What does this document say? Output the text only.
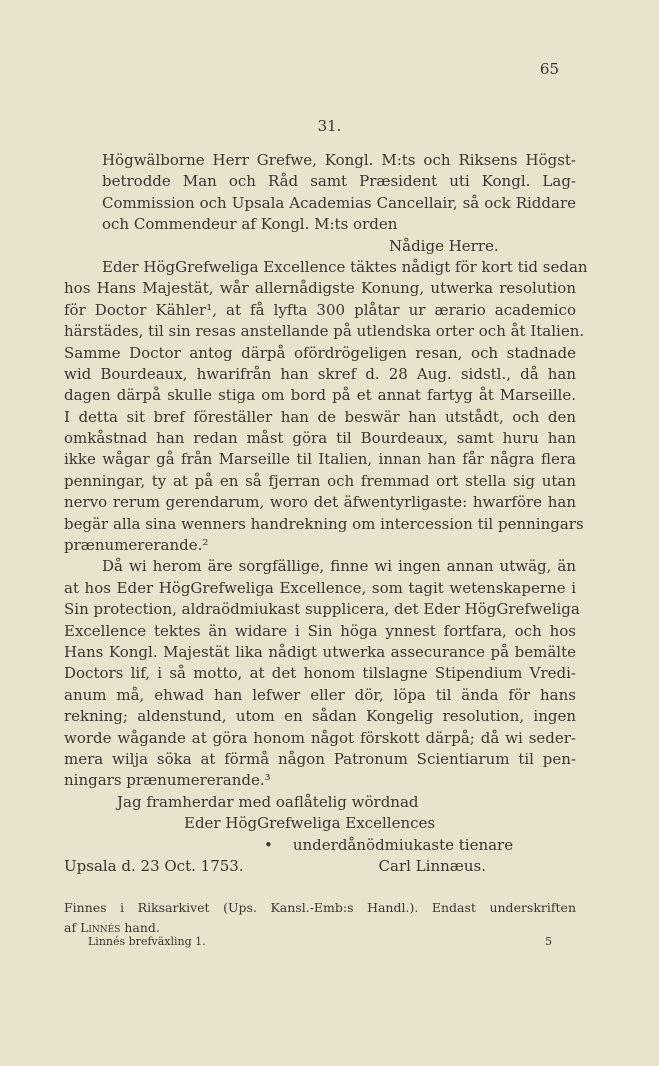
65
31.
Högwälborne Herr Grefwe, Kongl. M:ts och Riksens Högst-
betrodde Man och Råd samt Præsident uti Kongl. Lag-
Commission och Upsala Academias Cancellair, så ock Riddare
och Commendeur af Kongl. M:ts orden
Nådige Herre.
Eder HögGrefweliga Excellence täktes nådigt för kort tid sedan
hos Hans Majestät, wår allernådigste Konung, utwerka resolution
för Doctor Kähler¹, at få lyfta 300 plåtar ur ærario academico
härstädes, til sin resas anstellande på utlendska orter och åt Italien.
Samme Doctor antog därpå ofördrögeligen resan, och stadnade
wid Bourdeaux, hwarifrån han skref d. 28 Aug. sidstl., då han
dagen därpå skulle stiga om bord på et annat fartyg åt Marseille.
I detta sit bref föreställer han de beswär han utstådt, och den
omkåstnad han redan måst göra til Bourdeaux, samt huru han
ikke wågar gå från Marseille til Italien, innan han får några flera
penningar, ty at på en så fjerran och fremmad ort stella sig utan
nervo rerum gerendarum, woro det äfwentyrligaste: hwarföre han
begär alla sina wenners handrekning om intercession til penningars
prænumererande.²
Då wi herom äre sorgfällige, finne wi ingen annan utwäg, än
at hos Eder HögGrefweliga Excellence, som tagit wetenskaperne i
Sin protection, aldraödmiukast supplicera, det Eder HögGrefweliga
Excellence tektes än widare i Sin höga ynnest fortfara, och hos
Hans Kongl. Majestät lika nådigt utwerka assecurance på bemälte
Doctors lif, i så motto, at det honom tilslagne Stipendium Vredi-
anum må, ehwad han lefwer eller dör, löpa til ända för hans
rekning; aldenstund, utom en sådan Kongelig resolution, ingen
worde wågande at göra honom något förskott därpå; då wi seder-
mera wilja söka at förmå någon Patronum Scientiarum til pen-
ningars prænumererande.³
Jag framherdar med oaflåtelig wördnad
Eder HögGrefweliga Excellences
• underdånödmiukaste tienare
Upsala d. 23 Oct. 1753.	Carl Linnæus.
Finnes i Riksarkivet (Ups. Kansl.-Emb:s Handl.). Endast underskriften
af Linnés hand.
Linnés brefväxling 1.	5
